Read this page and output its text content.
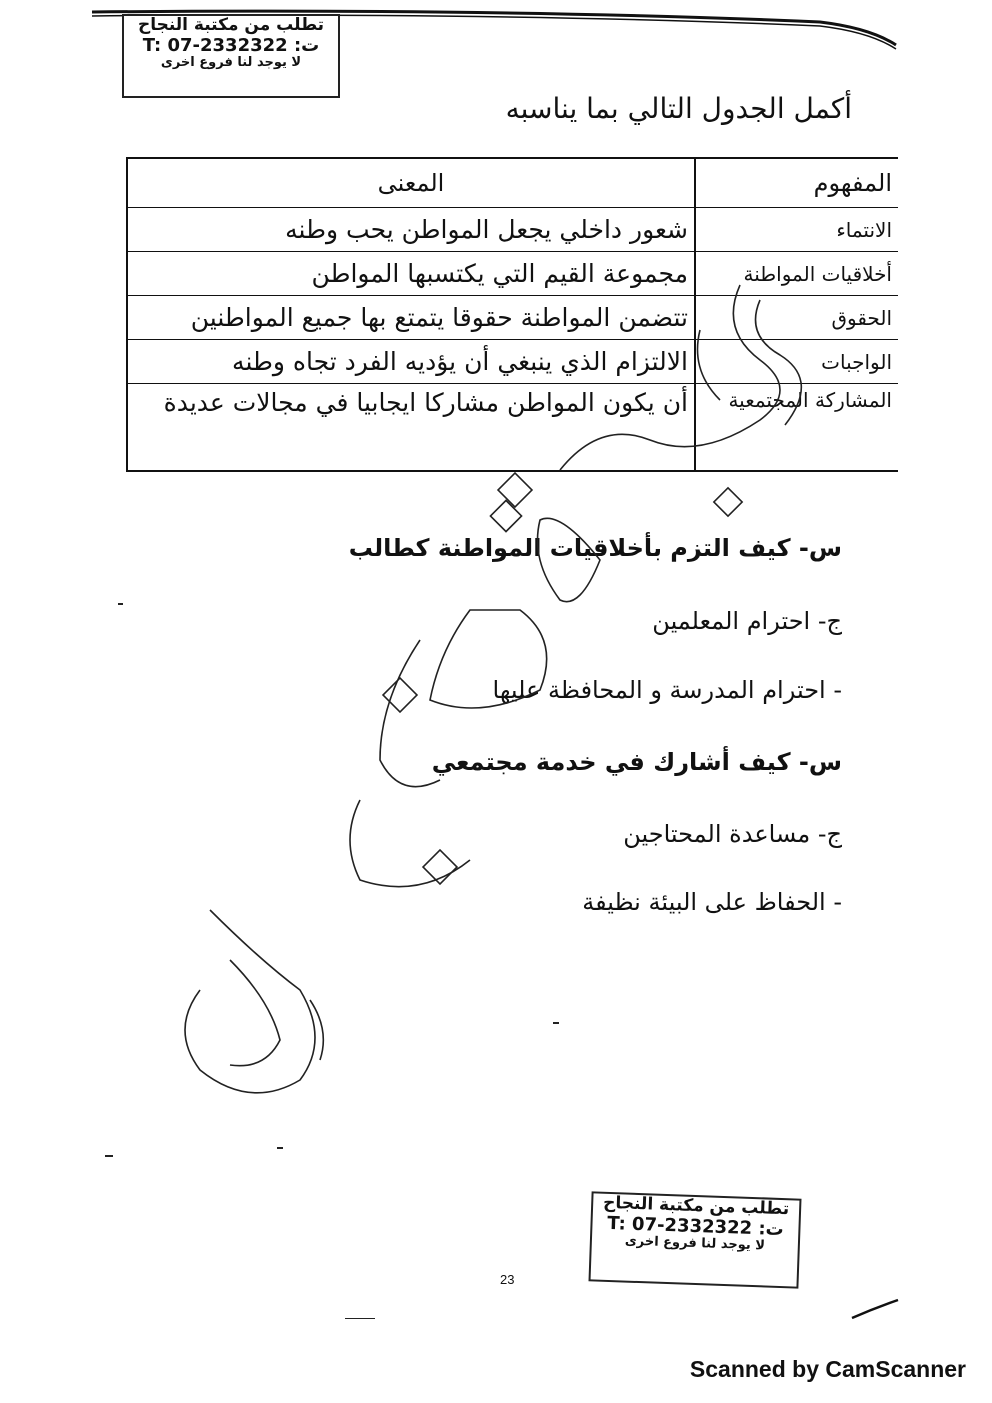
تطلب من مكتبة النجاح
T: 07-2332322 :ت
لا يوجد لنا فروع اخرى
أكمل الجدول التالي بما يناسبه
المفهوم	المعنى
الانتماء	شعور داخلي يجعل المواطن يحب وطنه
أخلاقيات المواطنة	مجموعة القيم التي يكتسبها المواطن
الحقوق	تتضمن المواطنة حقوقا يتمتع بها جميع المواطنين
الواجبات	الالتزام الذي ينبغي أن يؤديه الفرد تجاه وطنه
المشاركة المجتمعية	أن يكون المواطن مشاركا ايجابيا في مجالات عديدة
س- كيف التزم بأخلاقيات المواطنة كطالب
ج- احترام المعلمين
- احترام المدرسة و المحافظة عليها
س- كيف أشارك في خدمة مجتمعي
ج- مساعدة المحتاجين
- الحفاظ على البيئة نظيفة
تطلب من مكتبة النجاح
T: 07-2332322 :ت
لا يوجد لنا فروع اخرى
23
Scanned by CamScanner
